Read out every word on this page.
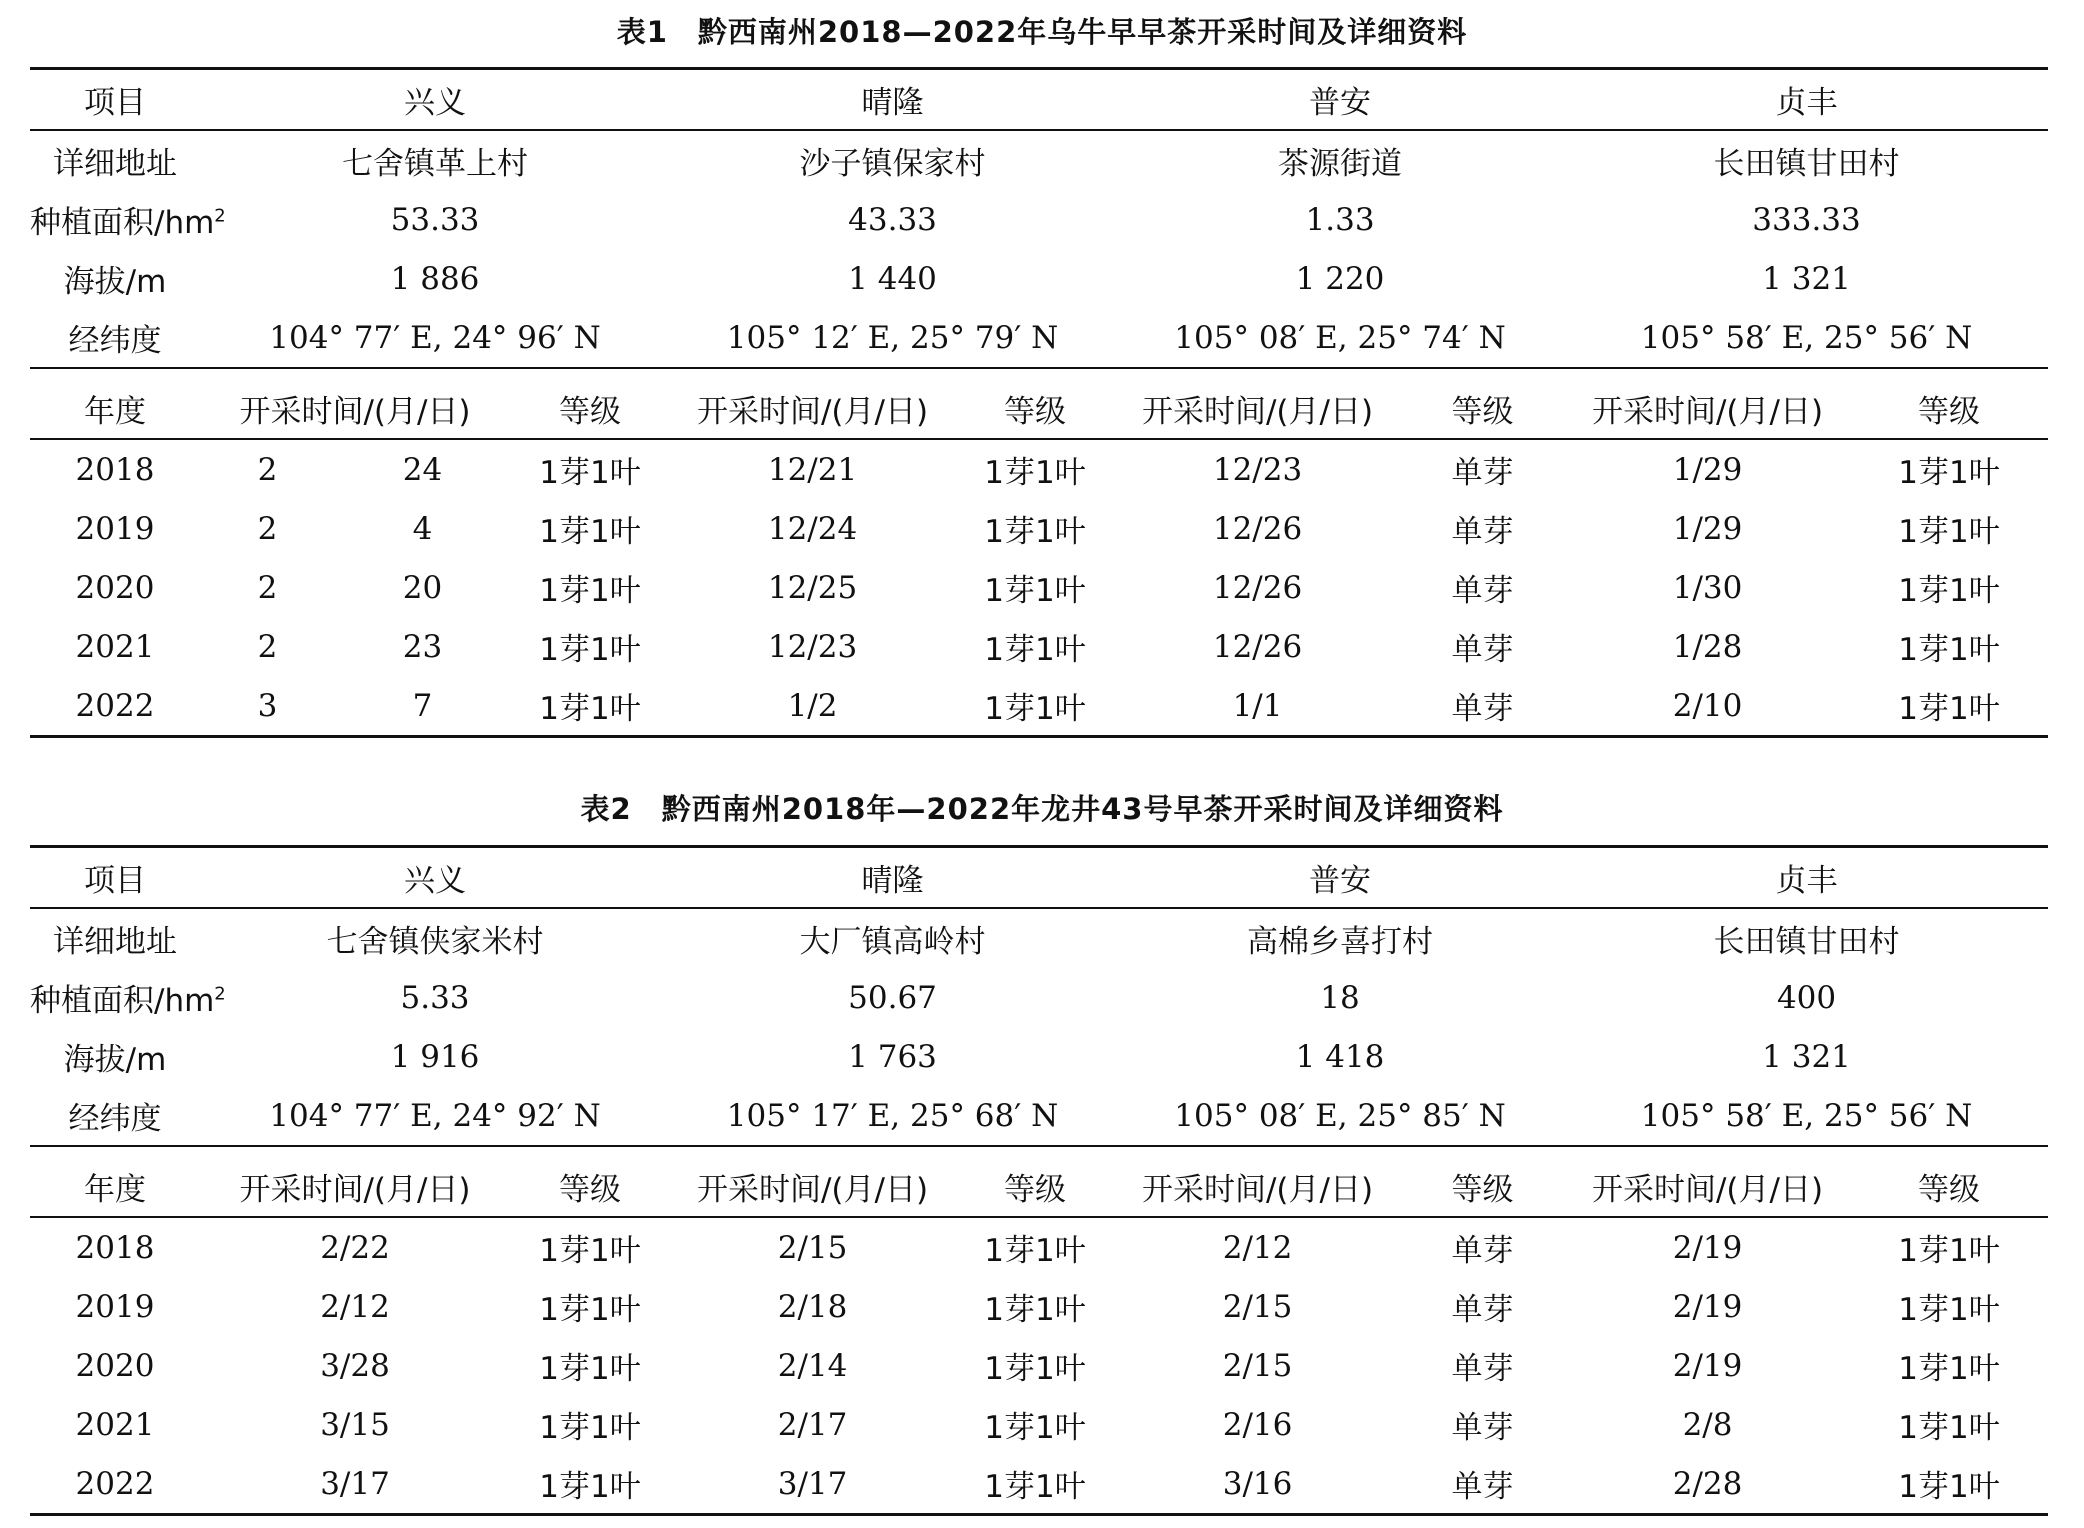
表1　黔西南州2018—2022年乌牛早早茶开采时间及详细资料
项目	兴义			晴隆		普安		贞丰	
详细地址	七舍镇革上村			沙子镇保家村		茶源街道		长田镇甘田村	
种植面积$/hm^2$	53.33			43.33		1.33		333.33	
海拔/m	1 886			1 440		1 220		1 321	
经纬度	104° 77′ E, 24° 96′ N			105° 12′ E, 25° 79′ N		105° 08′ E, 25° 74′ N		105° 58′ E, 25° 56′ N	

年度	开采时间/(月/日)		等级	开采时间/(月/日)	等级	开采时间/(月/日)	等级	开采时间/(月/日)	等级
2018	2	24	1芽1叶	12/21	1芽1叶	12/23	单芽	1/29	1芽1叶
2019	2	4	1芽1叶	12/24	1芽1叶	12/26	单芽	1/29	1芽1叶
2020	2	20	1芽1叶	12/25	1芽1叶	12/26	单芽	1/30	1芽1叶
2021	2	23	1芽1叶	12/23	1芽1叶	12/26	单芽	1/28	1芽1叶
2022	3	7	1芽1叶	1/2	1芽1叶	1/1	单芽	2/10	1芽1叶
表2　黔西南州2018年—2022年龙井43号早茶开采时间及详细资料
项目	兴义		晴隆		普安		贞丰	
详细地址	七舍镇侠家米村		大厂镇高岭村		高棉乡喜打村		长田镇甘田村	
种植面积$/hm^2$	5.33		50.67		18		400	
海拔/m	1 916		1 763		1 418		1 321	
经纬度	104° 77′ E, 24° 92′ N		105° 17′ E, 25° 68′ N		105° 08′ E, 25° 85′ N		105° 58′ E, 25° 56′ N	

年度	开采时间/(月/日)	等级	开采时间/(月/日)	等级	开采时间/(月/日)	等级	开采时间/(月/日)	等级
2018	2/22	1芽1叶	2/15	1芽1叶	2/12	单芽	2/19	1芽1叶
2019	2/12	1芽1叶	2/18	1芽1叶	2/15	单芽	2/19	1芽1叶
2020	3/28	1芽1叶	2/14	1芽1叶	2/15	单芽	2/19	1芽1叶
2021	3/15	1芽1叶	2/17	1芽1叶	2/16	单芽	2/8	1芽1叶
2022	3/17	1芽1叶	3/17	1芽1叶	3/16	单芽	2/28	1芽1叶
